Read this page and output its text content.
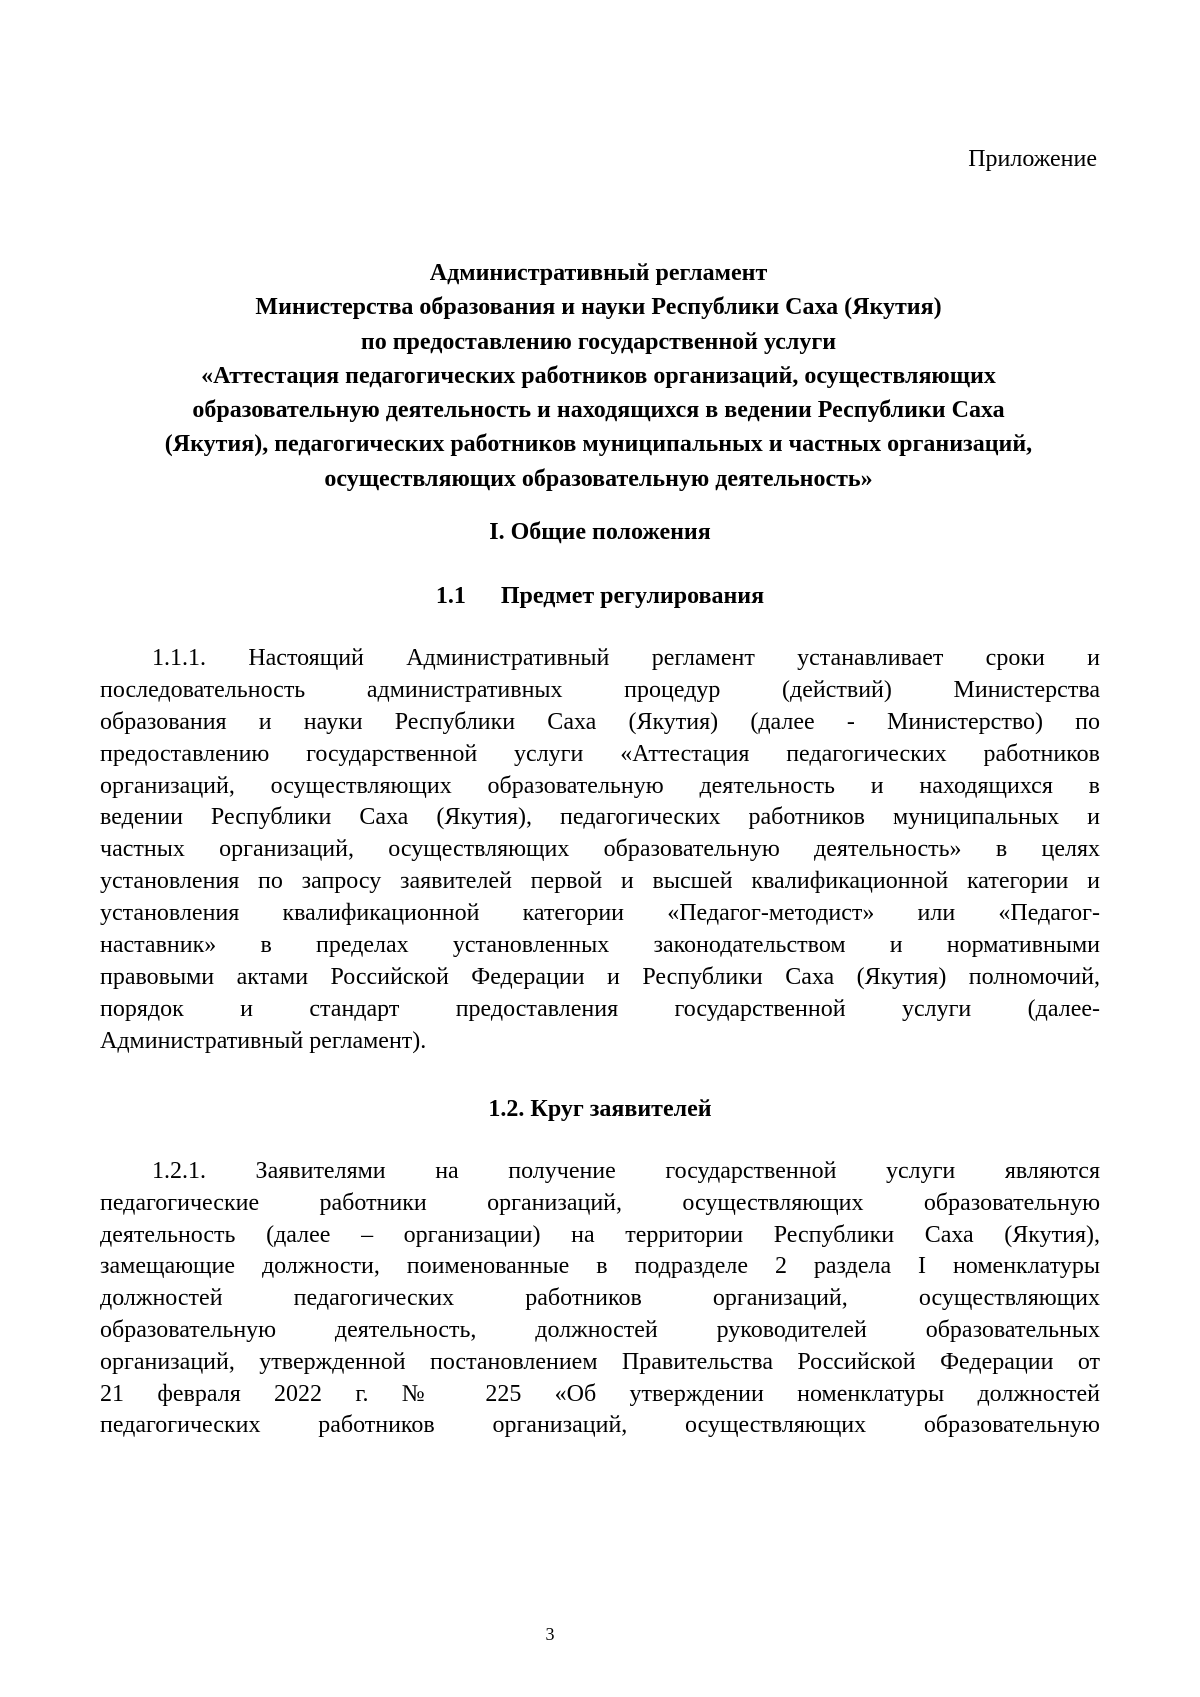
Приложение
Административный регламент
Министерства образования и науки Республики Саха (Якутия)
по предоставлению государственной услуги
«Аттестация педагогических работников организаций, осуществляющих
образовательную деятельность и находящихся в ведении Республики Саха
(Якутия), педагогических работников муниципальных и частных организаций,
осуществляющих образовательную деятельность»
I. Общие положения
1.1 Предмет регулирования
1.1.1. Настоящий Административный регламент устанавливает сроки и
последовательность административных процедур (действий) Министерства
образования и науки Республики Саха (Якутия) (далее - Министерство) по
предоставлению государственной услуги «Аттестация педагогических работников
организаций, осуществляющих образовательную деятельность и находящихся в
ведении Республики Саха (Якутия), педагогических работников муниципальных и
частных организаций, осуществляющих образовательную деятельность» в целях
установления по запросу заявителей первой и высшей квалификационной категории и
установления квалификационной категории «Педагог-методист» или «Педагог-
наставник» в пределах установленных законодательством и нормативными
правовыми актами Российской Федерации и Республики Саха (Якутия) полномочий,
порядок и стандарт предоставления государственной услуги (далее-
Административный регламент).
1.2. Круг заявителей
1.2.1. Заявителями на получение государственной услуги являются
педагогические работники организаций, осуществляющих образовательную
деятельность (далее – организации) на территории Республики Саха (Якутия),
замещающие должности, поименованные в подразделе 2 раздела I номенклатуры
должностей педагогических работников организаций, осуществляющих
образовательную деятельность, должностей руководителей образовательных
организаций, утвержденной постановлением Правительства Российской Федерации от
21 февраля 2022 г. № 225 «Об утверждении номенклатуры должностей
педагогических работников организаций, осуществляющих образовательную
3
